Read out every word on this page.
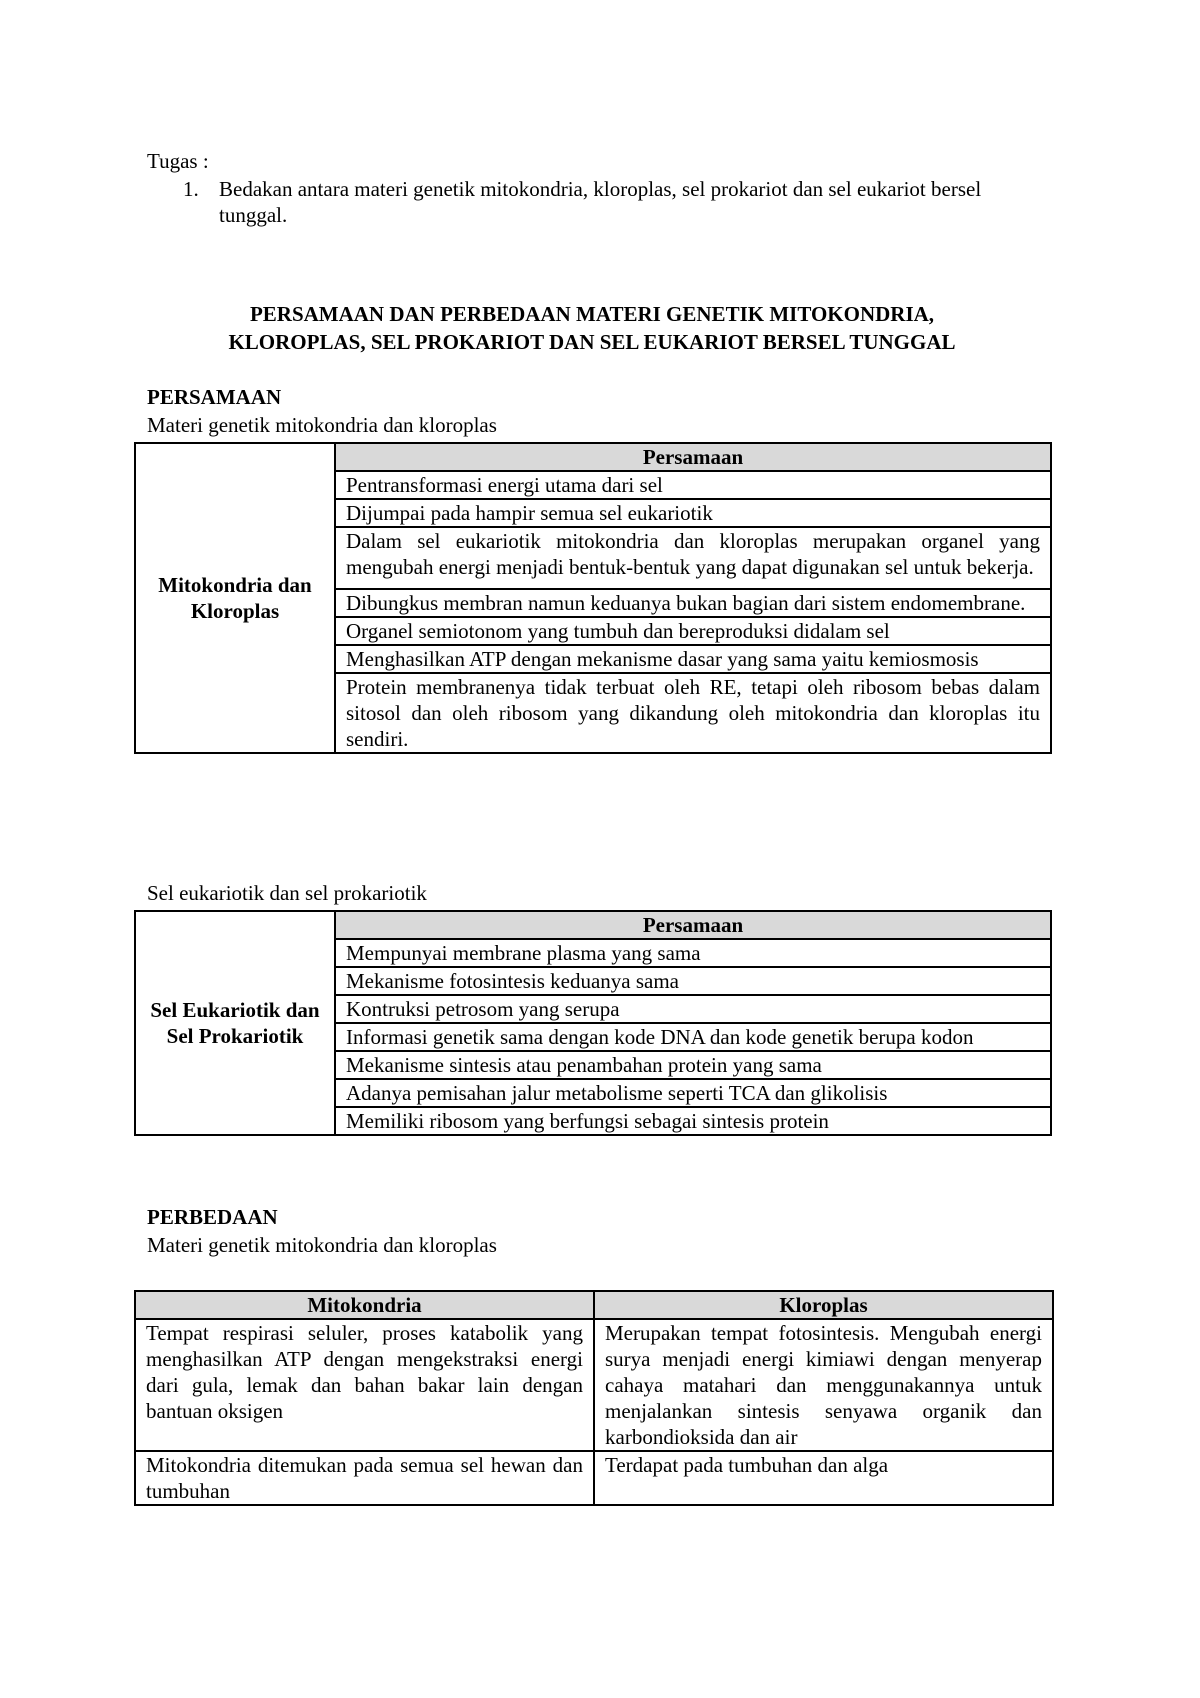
Tugas :
1. Bedakan antara materi genetik mitokondria, kloroplas, sel prokariot dan sel eukariot bersel tunggal.
PERSAMAAN DAN PERBEDAAN MATERI GENETIK MITOKONDRIA,
KLOROPLAS, SEL PROKARIOT DAN SEL EUKARIOT BERSEL TUNGGAL
PERSAMAAN
Materi genetik mitokondria dan kloroplas
Mitokondria dan Kloroplas	Persamaan
Pentransformasi energi utama dari sel
Dijumpai pada hampir semua sel eukariotik
Dalam sel eukariotik mitokondria dan kloroplas merupakan organel yang mengubah energi menjadi bentuk-bentuk yang dapat digunakan sel untuk bekerja.
Dibungkus membran namun keduanya bukan bagian dari sistem endomembrane.
Organel semiotonom yang tumbuh dan bereproduksi didalam sel
Menghasilkan ATP dengan mekanisme dasar yang sama yaitu kemiosmosis
Protein membranenya tidak terbuat oleh RE, tetapi oleh ribosom bebas dalam sitosol dan oleh ribosom yang dikandung oleh mitokondria dan kloroplas itu sendiri.
Sel eukariotik dan sel prokariotik
Sel Eukariotik dan Sel Prokariotik	Persamaan
Mempunyai membrane plasma yang sama
Mekanisme fotosintesis keduanya sama
Kontruksi petrosom yang serupa
Informasi genetik sama dengan kode DNA dan kode genetik berupa kodon
Mekanisme sintesis atau penambahan protein yang sama
Adanya pemisahan jalur metabolisme seperti TCA dan glikolisis
Memiliki ribosom yang berfungsi sebagai sintesis protein
PERBEDAAN
Materi genetik mitokondria dan kloroplas
Mitokondria	Kloroplas
Tempat respirasi seluler, proses katabolik yang menghasilkan ATP dengan mengekstraksi energi dari gula, lemak dan bahan bakar lain dengan bantuan oksigen	Merupakan tempat fotosintesis. Mengubah energi surya menjadi energi kimiawi dengan menyerap cahaya matahari dan menggunakannya untuk menjalankan sintesis senyawa organik dan karbondioksida dan air
Mitokondria ditemukan pada semua sel hewan dan tumbuhan	Terdapat pada tumbuhan dan alga
